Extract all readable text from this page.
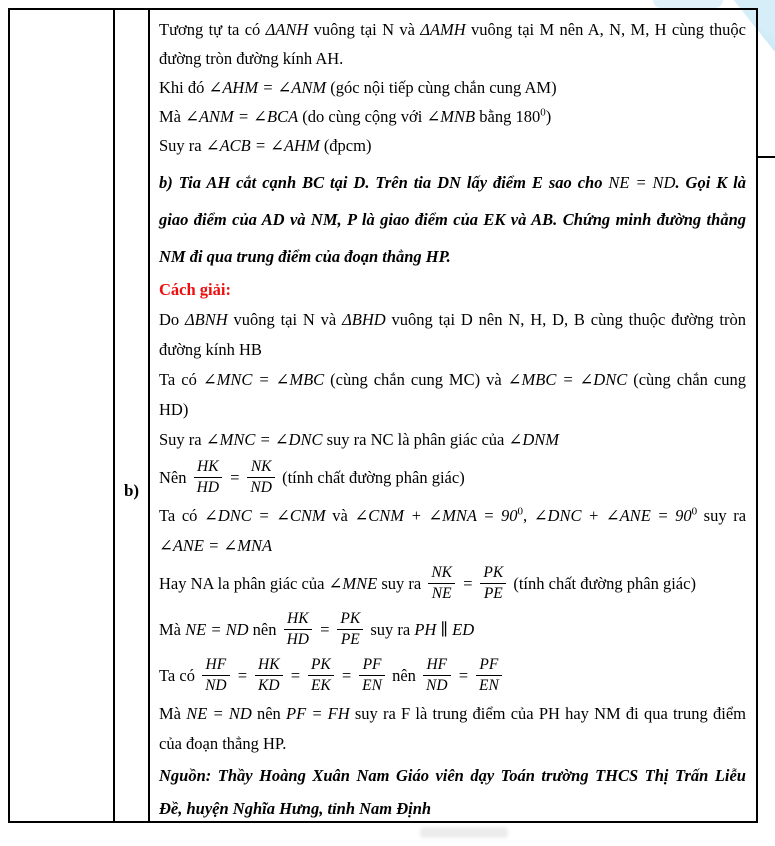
Tương tự ta có ΔANH vuông tại N và ΔAMH vuông tại M nên A, N, M, H cùng thuộc
đường tròn đường kính AH.
Khi đó ∠AHM = ∠ANM (góc nội tiếp cùng chắn cung AM)
Mà ∠ANM = ∠BCA (do cùng cộng với ∠MNB bằng $180^0$)
Suy ra ∠ACB = ∠AHM (đpcm)
b)
b) Tia AH cắt cạnh BC tại D. Trên tia DN lấy điểm E sao cho NE = ND. Gọi K là
giao điểm của AD và NM, P là giao điểm của EK và AB. Chứng minh đường thẳng
NM đi qua trung điểm của đoạn thẳng HP.
Cách giải:
Do ΔBNH vuông tại N và ΔBHD vuông tại D nên N, H, D, B cùng thuộc đường tròn
đường kính HB
Ta có ∠MNC = ∠MBC (cùng chắn cung MC) và ∠MBC = ∠DNC (cùng chắn cung
HD)
Suy ra ∠MNC = ∠DNC suy ra NC là phân giác của ∠DNM
Nên $\frac{HK}{HD} = \frac{NK}{ND}$ (tính chất đường phân giác)
Ta có ∠DNC = ∠CNM và ∠CNM + ∠MNA = $90^0$, ∠DNC + ∠ANE = $90^0$ suy ra
∠ANE = ∠MNA
Hay NA la phân giác của ∠MNE suy ra $\frac{NK}{NE} = \frac{PK}{PE}$ (tính chất đường phân giác)
Mà NE = ND nên $\frac{HK}{HD} = \frac{PK}{PE}$ suy ra PH ∥ ED
Ta có $\frac{HF}{ND} = \frac{HK}{KD} = \frac{PK}{EK} = \frac{PF}{EN}$ nên $\frac{HF}{ND} = \frac{PF}{EN}$
Mà NE = ND nên PF = FH suy ra F là trung điểm của PH hay NM đi qua trung điểm
của đoạn thẳng HP.
Nguồn: Thầy Hoàng Xuân Nam Giáo viên dạy Toán trường THCS Thị Trấn Liễu
Đề, huyện Nghĩa Hưng, tỉnh Nam Định
